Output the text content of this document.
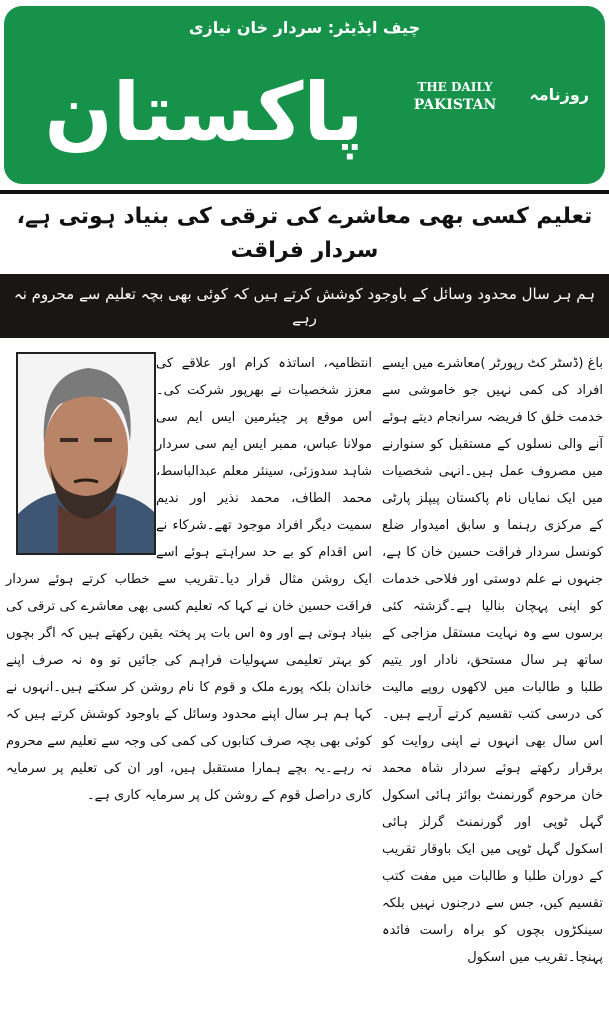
چیف ایڈیٹر: سردار خان نیازی
پاکستان	THE DAILY
PAKISTAN
روزنامہ
تعلیم کسی بھی معاشرے کی ترقی کی بنیاد ہوتی ہے، سردار فراقت
ہم ہر سال محدود وسائل کے باوجود کوشش کرتے ہیں کہ کوئی بھی بچہ تعلیم سے محروم نہ رہے
باغ (ڈسٹر کٹ رپورٹر)معاشرے میں ایسے افراد کی کمی نہیںجو خاموشی سے خدمت خلق کا فریضہسرانجام دیتے ہوئے آنے والی نسلوںکے مستقبل کو سنوارنے میں مصروف عملہیں۔انہی شخصیات میں ایک نمایاں نامپاکستان پیپلز پارٹی کے مرکزی رہنما و سابقامیدوار ضلع کونسل سردار فراقت حسین خان کا ہے،جنہوں نے علم دوستی اور فلاحی خدمات کو اپنی پہچانبنالیا ہے۔گزشتہ کئی برسوں سے وہ نہایت مستقلمزاجی کے ساتھ ہر سال مستحق، نادار اور یتیم طلبا وطالبات میں لاکھوں روپے مالیت کی درسی کتبتقسیم کرتے آرہے ہیں۔اس سال بھی انہوں نےاپنی روایت کو برقرار رکھتے ہوئے سردار شاہ محمد خانمرحوم گورنمنٹ بوائز ہائی اسکول گہل ٹوپی اورگورنمنٹ گرلز ہائی اسکول گہل ٹوپی میں ایک باوقارتقریب کے دوران طلبا و طالبات میں مفت کتبتقسیم کیں، جس سے درجنوں نہیں بلکہ سینکڑوںبچوں کو براہ راست فائدہ پہنچا۔تقریب میں اسکول
انتظامیہ، اساتذہ کرام اور علاقے کیمعزز شخصیات نے بھرپور شرکت کی۔اس موقع پر چیئرمین ایس ایم سی مولاناعباس، ممبر ایس ایم سی سردار شاہدسدوزئی، سینئر معلم عبدالباسط، محمدالطاف، محمد نذیر اور ندیم سمیت دیگرافراد موجود تھے۔شرکاء نے اس اقدام کو بے حدسراہتے ہوئے اسے ایک روشن مثال قراردیا۔تقریب سے خطاب کرتے ہوئے سردارفراقت حسین خان نے کہا کہ تعلیم کسی بھی معاشرےکی ترقی کی بنیاد ہوتی ہے اور وہ اس بات پر پختہیقین رکھتے ہیں کہ اگر بچوں کو بہتر تعلیمی سہولیاتفراہم کی جائیں تو وہ نہ صرف اپنے خاندان بلکہپورے ملک و قوم کا نام روشن کر سکتے ہیں۔انہوںنے کہا ہم ہر سال اپنے محدود وسائل کے باوجودکوشش کرتے ہیں کہ کوئی بھی بچہ صرف کتابوں کیکمی کی وجہ سے تعلیم سے محروم نہ رہے۔یہ بچے ہمارامستقبل ہیں، اور ان کی تعلیم پر سرمایہ کاری دراصلقوم کے روشن کل پر سرمایہ کاری ہے۔
